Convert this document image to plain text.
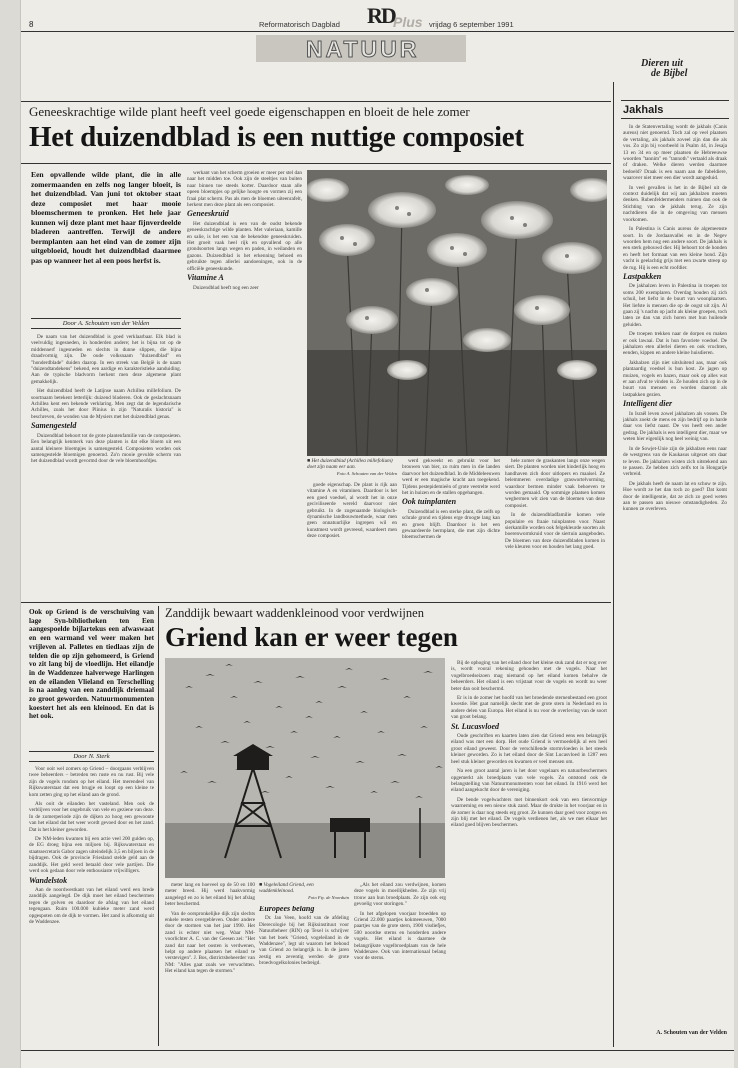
8	Reformatorisch Dagblad RD
Plus vrijdag 6 september 1991
NATUUR
Dieren uit
de Bijbel
Geneeskrachtige wilde plant heeft veel goede eigenschappen en bloeit de hele zomer
Het duizendblad is een nuttige composiet
Een opvallende wilde plant, die in alle zomermaanden en zelfs nog langer bloeit, is het duizendblad. Van juni tot oktober staat deze composiet met haar mooie bloemschermen te pronken. Het hele jaar kunnen wij deze plant met haar fijnverdeelde bladeren aantreffen. Terwijl de andere bermplanten aan het eind van de zomer zijn uitgebloeid, houdt het duizendblad daarmee pas op wanneer het al een poos herfst is.
Door A. Schouten van der Velden

De naam van het duizendblad is goed verklaarbaar. Elk blad is veelvuldig ingesneden, in honderden andere; het is bijna tot op de middennerf ingesneden en slechts in dunne slippen, die bijna draadvormig zijn. De oude volksnaam "duizendblad" en "honderdblade" duiden daarop. In een streek van België is de naam "duizendtandekens" bekend, een aardige en karakteristieke aanduiding. Aan de typische bladvorm herkent men deze algemene plant gemakkelijk.

Het duizendblad heeft de Latijnse naam Achillea millefolium. De soortnaam betekent letterlijk: duizend bladeren. Ook de geslachtsnaam Achillea kent een bekende verklaring. Men zegt dat de legendarische Achilles, zoals het door Plinius in zijn "Naturalis historia" is beschreven, de wonden van de Mysiers met het duizendblad genas.

Samengesteld

Duizendblad behoort tot de grote plantenfamilie van de composieten. Een belangrijk kenmerk van deze planten is dat elke bloem uit een aantal kleinere bloempjes is samengesteld. Composieten worden ook samengestelde bloemigen genoemd. Zo'n mooie gevulde scherm van het duizendblad wordt gevormd door de vele bloemhoofdjes.

werkant van het scherm groeien er meer per stel dan naar het midden toe. Ook zijn de steeltjes van buiten naar binnen toe steeds korter. Daardoor staan alle opeen bloempjes op gelijke hoogte en vormen zij een fraai plat scherm. Pas als men de bloemen uiteenrafelt, herkent men deze plant als een composiet.

Geneeskruid

Het duizendblad is een van de oudst bekende geneeskrachtige wilde planten. Met valeriaan, kamille en salie, is het een van de bekendste geneeskruiden. Het groeit vaak heel rijk en opvallend op alle grondsoorten langs wegen en paden, in weilanden en gazons. Duizendblad is het erkenning behoed en gebruikte tegen allerlei aandoeningen, ook in de officiële geneeskunde.

Vitamine A

Duizendblad heeft nog een zeer

■ Het duizendblad (Achillea millefolium) doet zijn naam eer aan.
Foto A. Schouten van der Velden

goede eigenschap. De plant is rijk aan vitamine A en vitaminen. Daardoor is het een goed voedsel, al wordt het in onze geciviliseerde wereld daarvoor niet gebruikt. In de zogenaamde biologisch-dynamische landbouwmethode, waar men geen onnatuurlijke ingrepen wil en kunstmest wordt gevreesd, waardeert men deze composiet.

werd gekweekt en gebruikt voor het brouwen van bier, zo ruim men in die landen daarvoor het duizendblad. In de Middeleeuwen werd er een magische kracht aan toegekend. Tijdens pestepidemieën of grote veetrelte werd het in huizen en de stallen opgehangen.

Ook tuinplanten

Duizendblad is een sterke plant, die zelfs op schrale grond en tijdens erge droogte lang kan en groen blijft. Daardoor is het een gewaardeerde bermplant, die met zijn dichte bloemschermen de

hele zomer de graskanten langs onze wegen siert. De planten worden niet hinderlijk hoog en handhaven zich door uitlopers en maaisel. Ze belemmeren overdadige graswortelvorming, waardoor bermen minder vaak behoeven te worden gemaaid. Op sommige plaatsen komen wegbermen wit zien van de bloemen van deze composiet.

In de duizendbladfamilie komen vele populaire en fraaie tuinplanten voor. Naast sierkamille worden ook felgekleurde soorten als boerenwormkruid voor de siertuin aangeboden. De bloemen van deze duizendbladen komen in vele kleuren voor en houden het lang goed.

Jakhals

In de Statenvertaling wordt de jakhals (Canis aureus) niet genoemd. Toch zal op veel plaatsen de vertaling, als jakhals zoveel zijn dan die als vos. Zo zijn bij voorbeeld in Psalm 44, in Jesaja 13 en 34 en op meer plaatsen de Hebreeuwse woorden "tannim" en "tannoth" vertaald als draak of draken. Welke dieren werden daarmee bedoeld? Draak is een naam aan de fabeldiere, waarover niet meer een dier wordt aangeduid.

In veel gevallen is het in de Bijbel uit de context duidelijk dat wij aan jakhalzen moeten denken. Rubenfeldermenders ruimen dan ook de Stichting van de jakhals terug. Ze zijn nachtdieren die in de omgeving van mensen voorkomen.

In Palestina is Canis aureus de algemeenste soort. In de Jordaanvallei en in de Negev woorden hem nog een andere soort. De jakhals is een sterk gebouwd dier. Hij behoort tot de honden en heeft het formaat van een kleine hond. Zijn vacht is geelachtig grijs met een zwarte streep op de rug. Hij is een echt roofdier.

Lastpakken

De jakhalzen leven in Palestina in troepen tot soms 200 exemplaren. Overdag houden zij zich schuil, het liefst in de buurt van woonplaatsen. Het liefste is mensen die op de oogst uit zijn. Al gaan zij 's nachts op jacht als kleine groepen, toch laten ze dan van zich horen met hun huilende geluiden.

De troepen trekken naar de dorpen en maken er ook lawaai. Dat is hun favoriete voedsel. De jakhalzen eten allerlei dieren en ook vruchten, eenden, kippen en andere kleine huisdieren.

Jakhalzen zijn niet uitsluitend aas, maar ook plantaardig voedsel is hun kost. Ze jagen op muizen, vogels en hazen, maar ook op alles wat er aan afval te vinden is. Ze houden zich op in de buurt van mensen en worden daarom als lastpakken gezien.

Intelligent dier

In Israël leven zowel jakhalzen als vossen. De jakhals zoekt de mens en zijn bedrijf op in harde daar vos liefst naast. De vos heeft een ander gedrag. De jakhals is een intelligent dier, maar we weten hier eigenlijk nog heel weinig van.

In de Sowjet-Unie zijn de jakhalzen eens naar de westgrens van de Kaukasus uitgezet om daar te leven. De jakhalzen wisten zich uitstekend aan te passen. Ze hebben zich zelfs tot in Hongarije verbreid.

De jakhals heeft de naam lat en schuw te zijn. Hoe wordt ze het dan toch zo goed? Dat komt door de intelligentie, dat ze zich zo goed weten aan te passen aan nieuwe omstandigheden. Zo kunnen ze overleven.

A. Schouten van der Velden
Ook op Griend is de verschuiving van lage Syn-bibliotheken ten Een aangespoelde bijlartekus een afwaswaat en een warmand vel weer maken het vrijleven al. Palletes en tiedlaas zijn de telden die op zijn gehomeerd, is Griend vo zit lang bij de vloedlijn. Het eilandje in de Waddenzee halverwege Harlingen en de eilanden Vlieland en Terschelling is na aanleg van een zanddijk driemaal zo groot geworden. Natuurmonumenten koestert het als een kleinood. En dat is het ook.
Door N. Sterk

Voor ooit wel zomers op Griend – doorgaans verblijven twee beheerders – betreden ten ruste en nu rust. Bij vele zijn de vogels rondom op het eiland. Het merendeel van Rijkswaterstaat dat een brugje en loopt op een kleine te kom zetten ging op het eiland aan de grond.

Als ooit de eilanden het vasteland. Men ook de verblijven voor het ongebruik van vele en geziene van deze. In de zomerperiode zijn de dijken zo hoog een gewoonte van het eiland dat het weer wordt gevoed door en het zand. Dat is het kleiner geworden.

De NM-leden kwamen bij een actie veel 200 gulden op, de EG droeg bijna een miljoen bij. Rijkswaterstaat en staatssecretaris Gabor zagen uiteindelijk 3,5 en biljoen in de bijdragen. Ook de provincie Friesland stelde geld aan de zanddijk. Het geld werd betaald door vele partijen. Die werd ook gedaan door vele enthousiaste vrijwilligers.

Wandelstok

Aan de noordwestkant van het eiland werd een brede zanddijk aangelegd. De dijk moet het eiland beschermen tegen de golven en daardoor de afslag van het eiland tegengaan. Ruim 100.000 kubieke meter zand werd opgespoten om de dijk te vormen. Het zand is afkomstig uit de Waddenzee.

Zanddijk bewaart waddenkleinood voor verdwijnen
Griend kan er weer tegen

meter lang en hoeveel op de 50 en 100 meter breed. Hij werd haakvormig aangelegd en zo is het eiland bij het afslag beter beschermd.

Van de oorspronkelijke dijk zijn slechts enkele resten overgebleven. Onder andere door de stormen van het jaar 1990. Het zand is echter niet weg. Waar NM-voorlichter A. C. van der Geesen zei: "Het zand dat naar het oosten is verdwenen, helpt op andere plaatsen het eiland te verstevigen". J. Bos, districtsbeheerder van NM: "Alles gaat zoals we verwachtten. Het eiland kan tegen de stormen."

■ Vogeleiland Griend, een waddenkleinood.
Foto Fty. de Noorduin

Europees belang

Dr. Jan Veen, hoofd van de afdeling Dierecologie bij het Rijksinstituut voor Natuurbeheer (RIN) op Texel is schrijver van het boek "Griend, vogeleiland in de Waddenzee", legt uit waarom het behoud van Griend zo belangrijk is. In de jaren zestig en zeventig werden de grote broedvogelkolonies bedreigd.

„Als het eiland zou verdwijnen, komen deze vogels in moeilijkheden. Ze zijn vrij trouw aan hun broedplaats. Ze zijn ook erg gevoelig voor storingen."

In het afgelopen voorjaar broedden op Griend 22.000 paartjes kokmeeuwen, 7000 paartjes van de grote stern, 1900 visdiefjes, 500 noordse sterns en honderden andere vogels. Het eiland is daarmee de belangrijkste vogelbroedplaats van de hele Waddenzee. Ook van internationaal belang voor de sterns.

Bij de ophoging van het eiland door het kleine stuk zand dat er nog over is, wordt vooral rekening gehouden met de vogels. Naar het vogelbroedseizoen mag niemand op het eiland komen behalve de beheerders. Het eiland is een vrijstaat voor de vogels en wordt nu weer beter dan ooit beschermd.

Er is in de zomer het hoofd van het broedende sternenbestand een groot kwestie. Het gaat namelijk slecht met de grote stern in Nederland en in andere delen van Europa. Het eiland is nu voor de overleving van de soort van groot belang.

St. Lucasvloed

Oude geschriften en kaarten laten zien dat Griend eens een belangrijk eiland was met een dorp. Het oude Griend is vermoedelijk al een heel groot eiland geweest. Door de verschillende stormvloeden is het steeds kleiner geworden. Zo is het eiland door de Sint Lucasvloed in 1287 een heel stuk kleiner geworden en kwamen er veel mensen om.

Na een groot aantal jaren is het door vogelaars en natuurbeschermers opgemerkt als broedplaats van vele vogels. Zo ontstond ook de belangstelling van Natuurmonumenten voor het eiland. In 1916 werd het eiland aangekocht door de vereniging.

De bende vogelwachters met binnenkort ook van een tienvormige waarneming en een nieuw stuk zand. Maar de drukte in het voorjaar en in de zomer is daar nog steeds erg groot. Ze kunnen daar goed voor zorgen en zijn blij met het eiland. De vogels verdienen het, als we met elkaar het eiland goed blijven beschermen.
